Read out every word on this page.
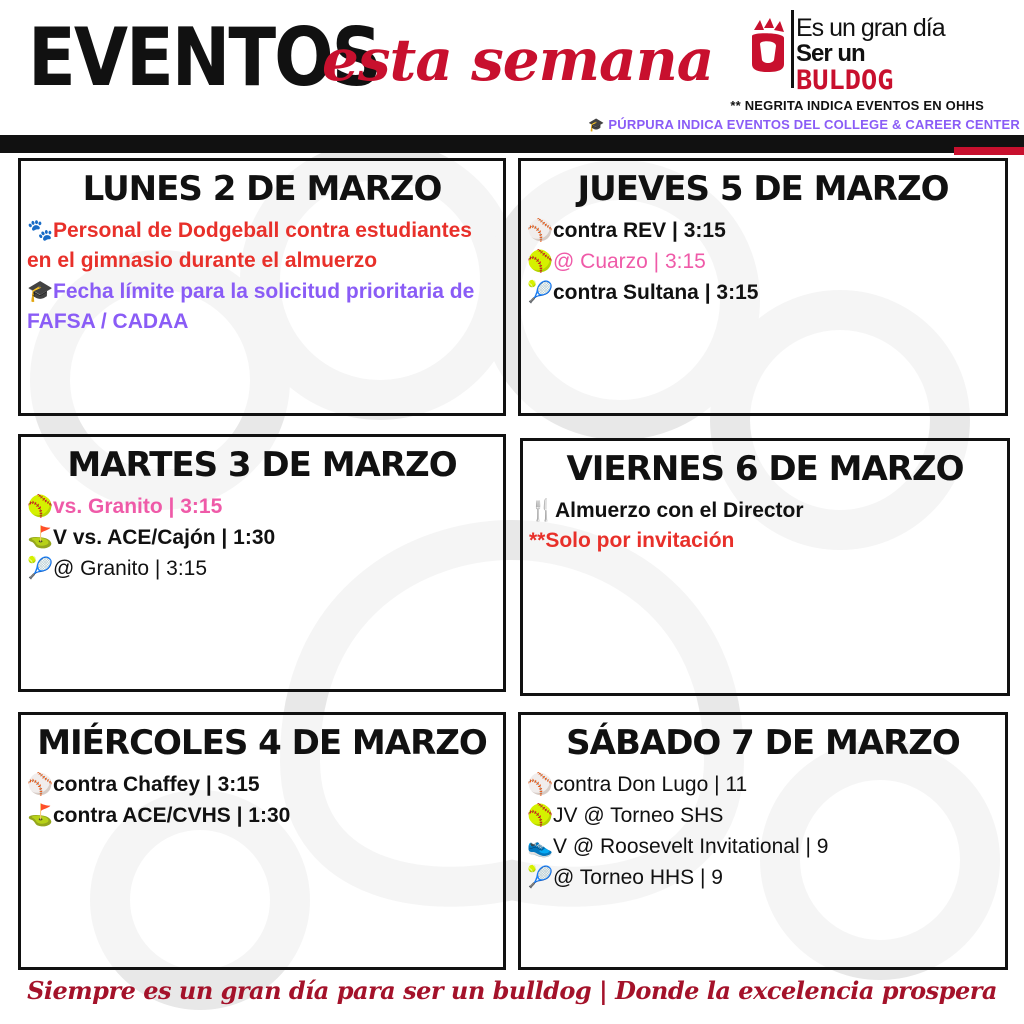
EVENTOS
esta semana	Es un gran día
Ser un
BULDOG
** NEGRITA INDICA EVENTOS EN OHHS
🎓 PÚRPURA INDICA EVENTOS DEL COLLEGE & CAREER CENTER
LUNES 2 DE MARZO
🐾Personal de Dodgeball contra estudiantes en el gimnasio durante el almuerzo
🎓Fecha límite para la solicitud prioritaria de FAFSA / CADAA
JUEVES 5 DE MARZO
⚾contra REV | 3:15
🥎@ Cuarzo | 3:15
🎾contra Sultana | 3:15
MARTES 3 DE MARZO
🥎vs. Granito | 3:15
⛳V vs. ACE/Cajón | 1:30
🎾@ Granito | 3:15
VIERNES 6 DE MARZO
🍴Almuerzo con el Director
**Solo por invitación
MIÉRCOLES 4 DE MARZO
⚾contra Chaffey | 3:15
⛳contra ACE/CVHS | 1:30
SÁBADO 7 DE MARZO
⚾contra Don Lugo | 11
🥎JV @ Torneo SHS
👟V @ Roosevelt Invitational | 9
🎾@ Torneo HHS | 9
Siempre es un gran día para ser un bulldog | Donde la excelencia prospera
